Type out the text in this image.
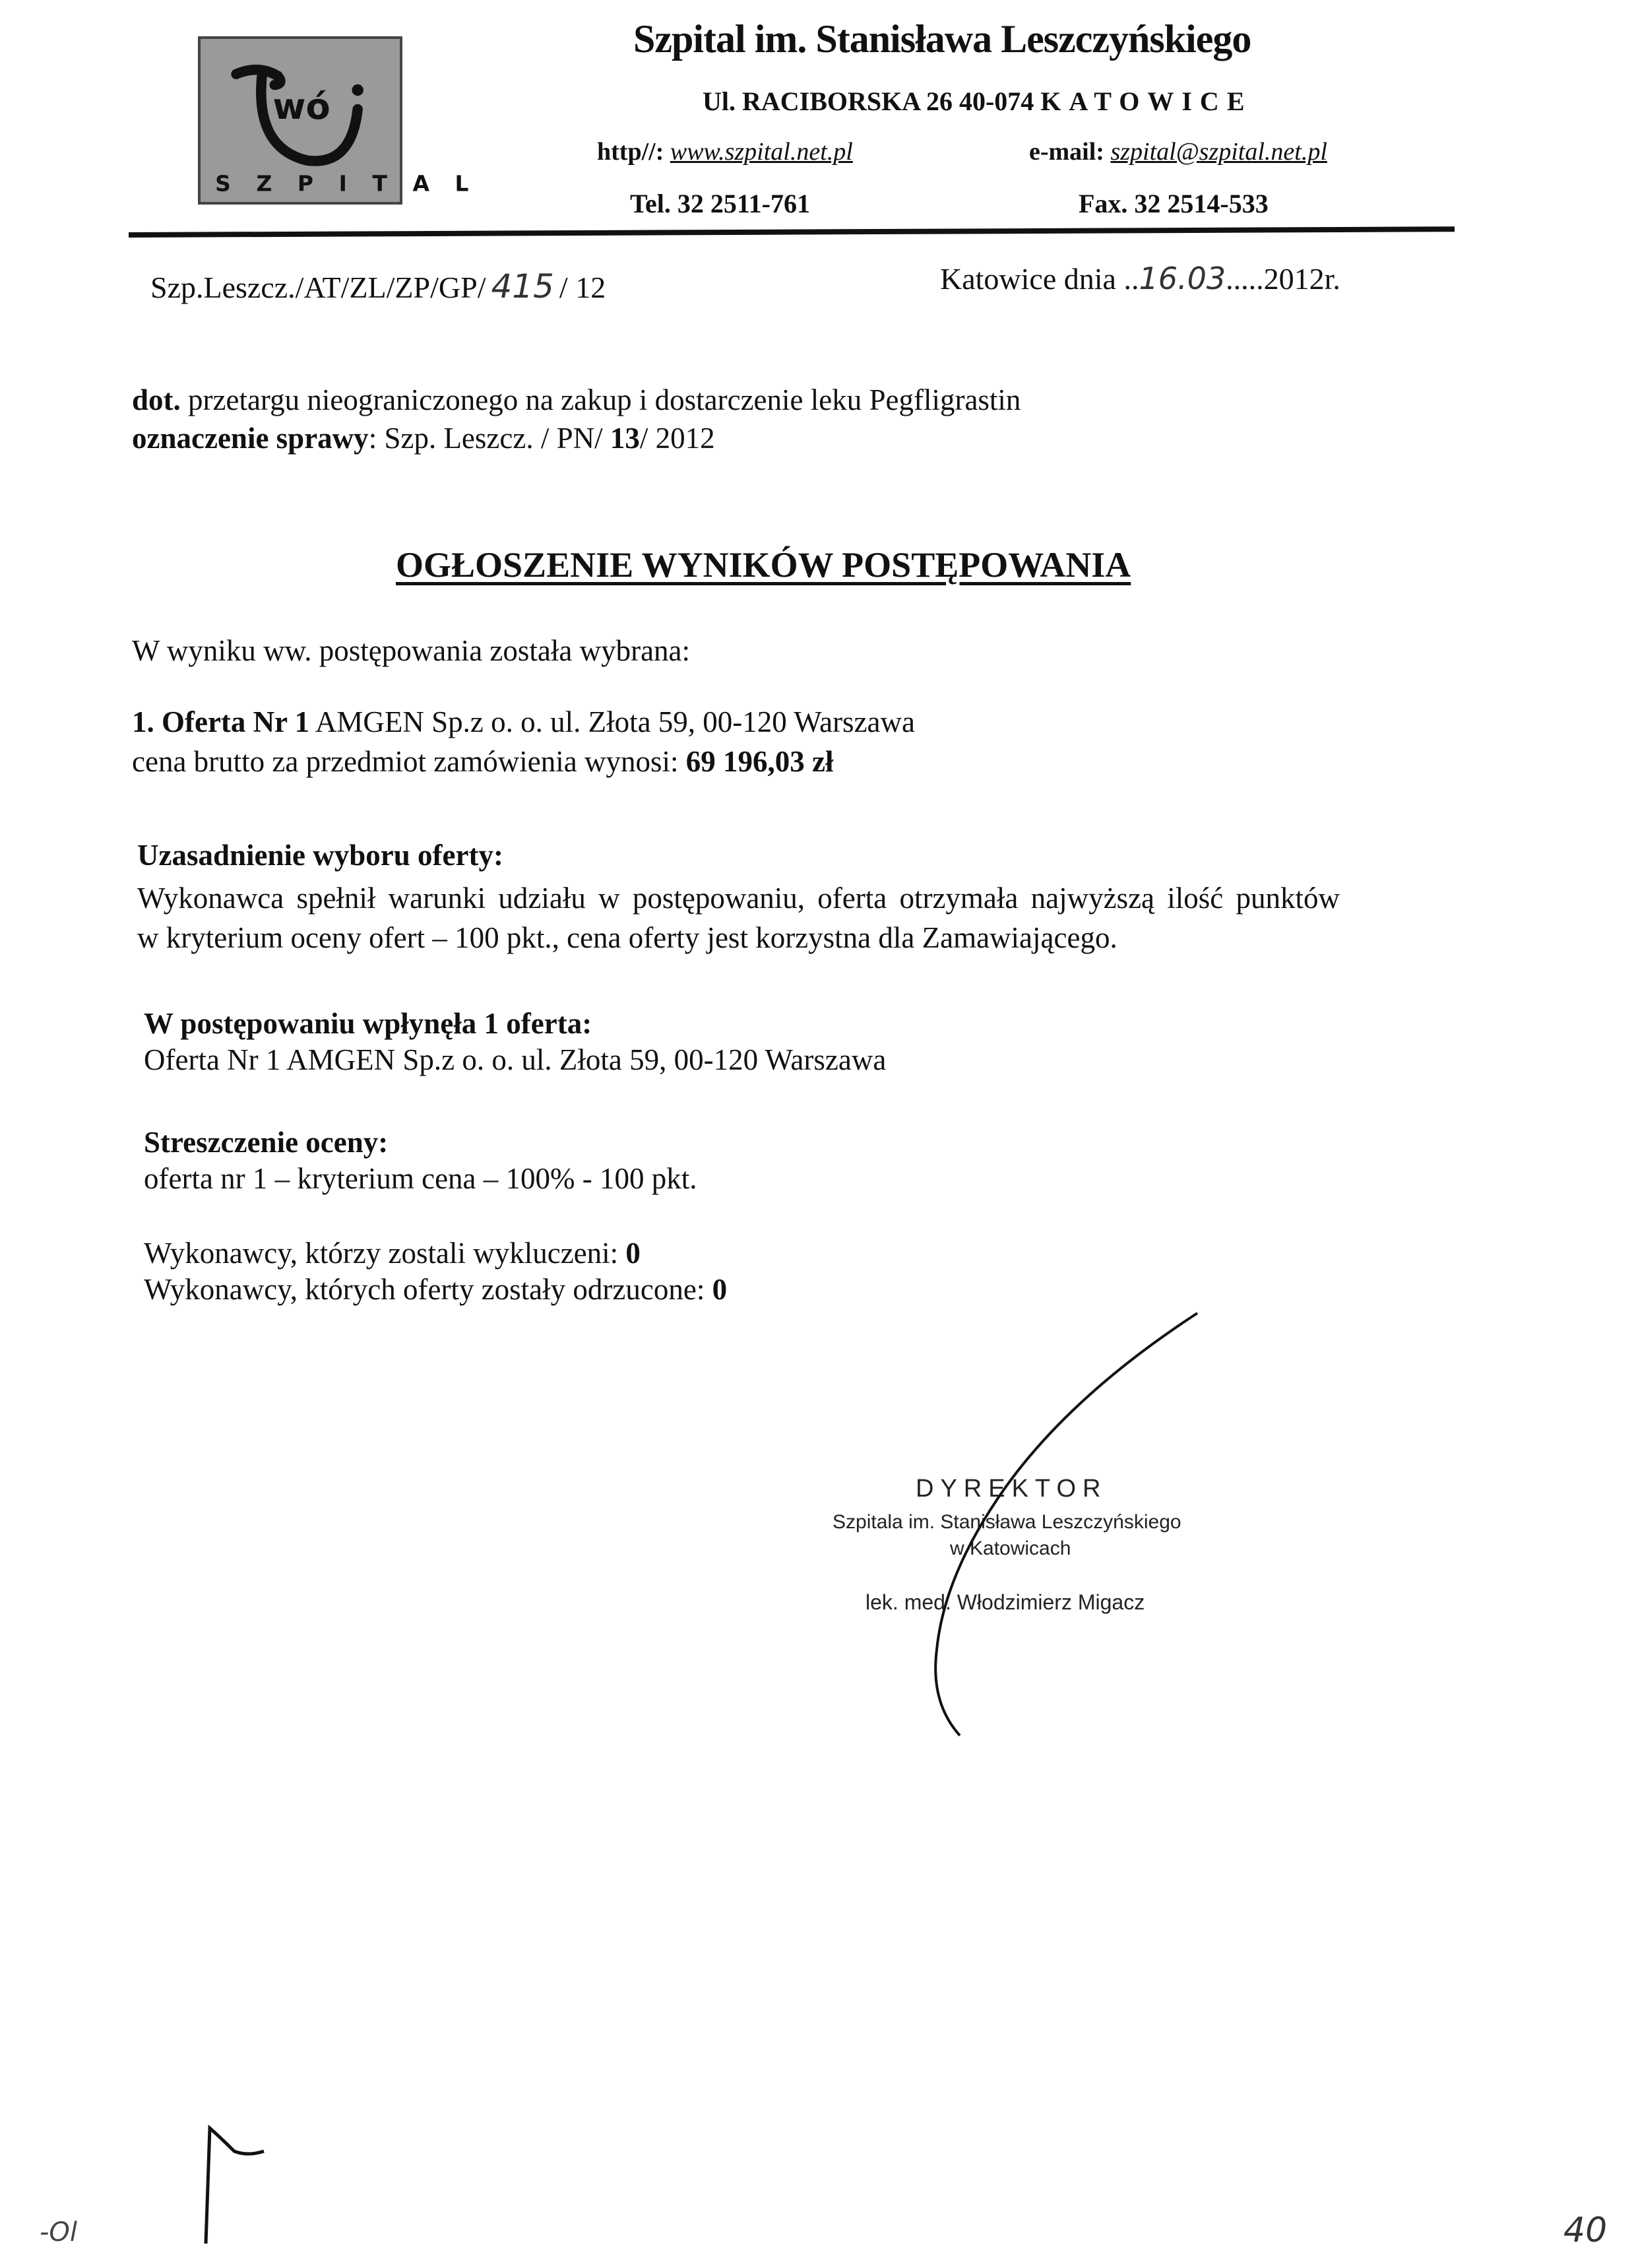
wó
S Z P I T A L
Szpital im. Stanisława Leszczyńskiego
Ul. RACIBORSKA 26 40-074 KATOWICE
http//: www.szpital.net.pl	e-mail: szpital@szpital.net.pl
Tel. 32 2511-761	Fax. 32 2514-533
Szp.Leszcz./AT/ZL/ZP/GP/ 415 / 12	Katowice dnia ..16.03.....2012r.
dot. przetargu nieograniczonego na zakup i dostarczenie leku Pegfligrastin
oznaczenie sprawy: Szp. Leszcz. / PN/ 13/ 2012
OGŁOSZENIE WYNIKÓW POSTĘPOWANIA
W wyniku ww. postępowania została wybrana:
1. Oferta Nr 1 AMGEN Sp.z o. o. ul. Złota 59, 00-120 Warszawa
cena brutto za przedmiot zamówienia wynosi: 69 196,03 zł
Uzasadnienie wyboru oferty:
Wykonawca spełnił warunki udziału w postępowaniu, oferta otrzymała najwyższą ilość punktów
w kryterium oceny ofert – 100 pkt., cena oferty jest korzystna dla Zamawiającego.
W postępowaniu wpłynęła 1 oferta:
Oferta Nr 1 AMGEN Sp.z o. o. ul. Złota 59, 00-120 Warszawa
Streszczenie oceny:
oferta nr 1 – kryterium cena – 100% - 100 pkt.
Wykonawcy, którzy zostali wykluczeni: 0
Wykonawcy, których oferty zostały odrzucone: 0
DYREKTOR
Szpitala im. Stanisława Leszczyńskiego
w Katowicach
lek. med. Włodzimierz Migacz
-Ol	40
